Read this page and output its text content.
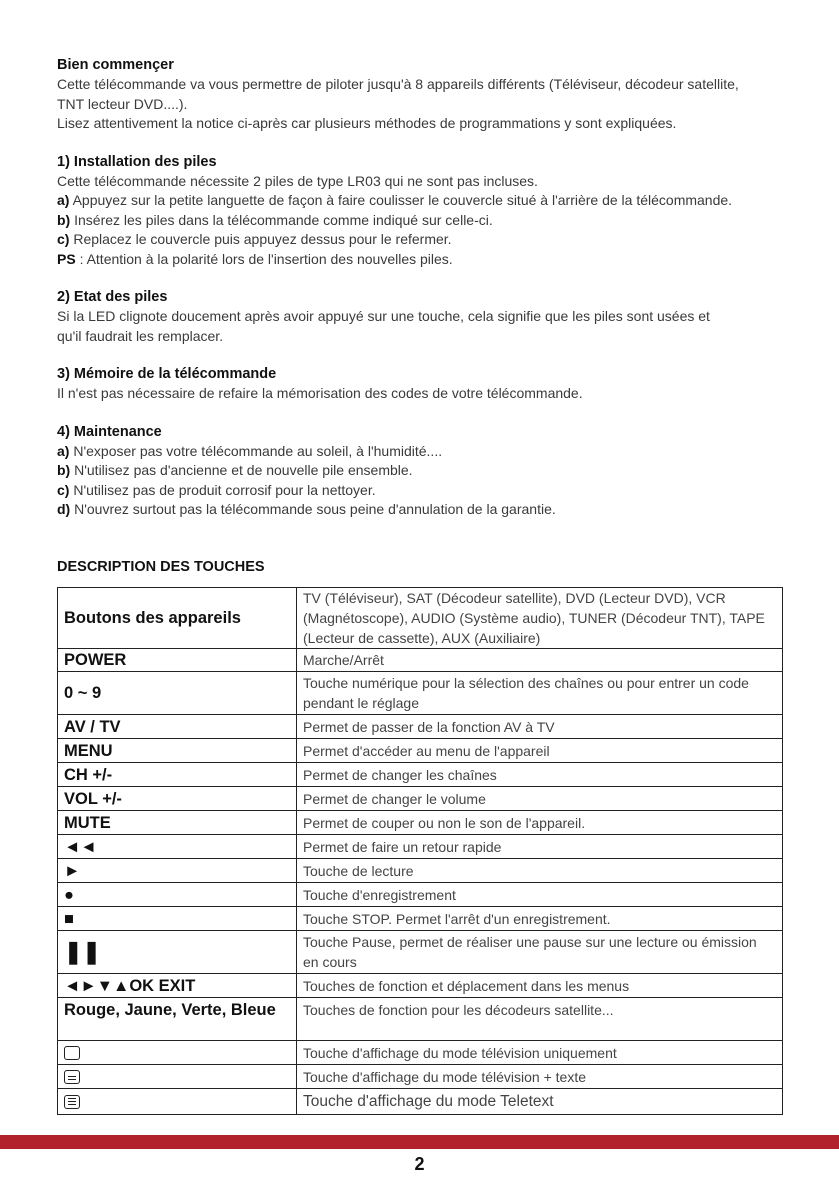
Bien commençer

Cette télécommande va vous permettre de piloter jusqu'à 8 appareils différents (Téléviseur, décodeur satellite,

TNT lecteur DVD....).

Lisez attentivement la notice ci-après car plusieurs méthodes de programmations y sont expliquées.

1) Installation des piles

Cette télécommande nécessite 2 piles de type LR03 qui ne sont pas incluses.

a) Appuyez sur la petite languette de façon à faire coulisser le couvercle situé à l'arrière de la télécommande.

b) Insérez les piles dans la télécommande comme indiqué sur celle-ci.

c) Replacez le couvercle puis appuyez dessus pour le refermer.

PS : Attention à la polarité lors de l'insertion des nouvelles piles.

2) Etat des piles

Si la LED clignote doucement après avoir appuyé sur une touche, cela signifie que les piles sont usées et

qu'il faudrait les remplacer.

3) Mémoire de la télécommande

Il n'est pas nécessaire de refaire la mémorisation des codes de votre télécommande.

4) Maintenance

a) N'exposer pas votre télécommande au soleil, à l'humidité....

b) N'utilisez pas d'ancienne et de nouvelle pile ensemble.

c) N'utilisez pas de produit corrosif pour la nettoyer.

d) N'ouvrez surtout pas la télécommande sous peine d'annulation de la garantie.

DESCRIPTION DES TOUCHES

Boutons des appareils	TV (Téléviseur), SAT (Décodeur satellite), DVD (Lecteur DVD), VCR (Magnétoscope), AUDIO (Système audio), TUNER (Décodeur TNT), TAPE (Lecteur de cassette), AUX (Auxiliaire)
POWER	Marche/Arrêt
0 ~ 9	Touche numérique pour la sélection des chaînes ou pour entrer un code pendant le réglage
AV / TV	Permet de passer de la fonction AV à TV
MENU	Permet d'accéder au menu de l'appareil
CH +/-	Permet de changer les chaînes
VOL +/-	Permet de changer le volume
MUTE	Permet de couper ou non le son de l'appareil.
◄◄	Permet de faire un retour rapide
►	Touche de lecture
●	Touche d'enregistrement
■	Touche STOP. Permet l'arrêt d'un enregistrement.
❚❚	Touche Pause, permet de réaliser une pause sur une lecture ou émission en cours
◄►▼▲OK EXIT	Touches de fonction et déplacement dans les menus
Rouge, Jaune, Verte, Bleue	Touches de fonction pour les décodeurs satellite...
	Touche d'affichage du mode télévision uniquement

	Touche d'affichage du mode télévision + texte

	Touche d'affichage du mode Teletext
2
